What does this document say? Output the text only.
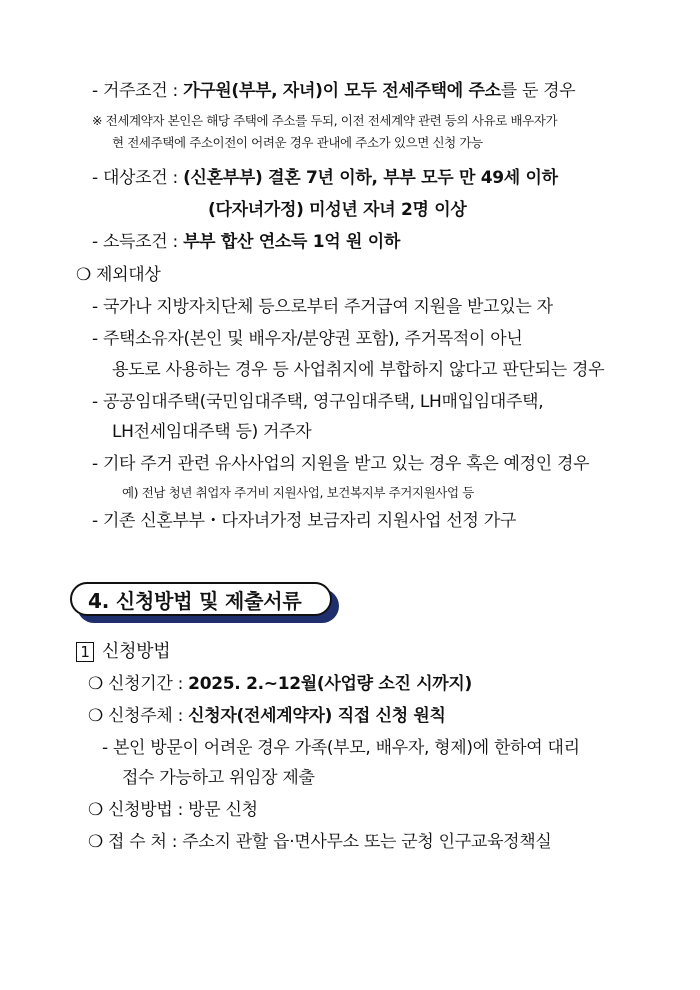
- 거주조건 : 가구원(부부, 자녀)이 모두 전세주택에 주소를 둔 경우
※ 전세계약자 본인은 해당 주택에 주소를 두되, 이전 전세계약 관련 등의 사유로 배우자가
현 전세주택에 주소이전이 어려운 경우 관내에 주소가 있으면 신청 가능
- 대상조건 : (신혼부부) 결혼 7년 이하, 부부 모두 만 49세 이하
(다자녀가정) 미성년 자녀 2명 이상
- 소득조건 : 부부 합산 연소득 1억 원 이하
❍ 제외대상
- 국가나 지방자치단체 등으로부터 주거급여 지원을 받고있는 자
- 주택소유자(본인 및 배우자/분양권 포함), 주거목적이 아닌
용도로 사용하는 경우 등 사업취지에 부합하지 않다고 판단되는 경우
- 공공임대주택(국민임대주택, 영구임대주택, LH매입임대주택,
LH전세임대주택 등) 거주자
- 기타 주거 관련 유사사업의 지원을 받고 있는 경우 혹은 예정인 경우
예) 전남 청년 취업자 주거비 지원사업, 보건복지부 주거지원사업 등
- 기존 신혼부부・다자녀가정 보금자리 지원사업 선정 가구
4. 신청방법 및 제출서류
1 신청방법
❍ 신청기간 : 2025. 2.~12월(사업량 소진 시까지)
❍ 신청주체 : 신청자(전세계약자) 직접 신청 원칙
- 본인 방문이 어려운 경우 가족(부모, 배우자, 형제)에 한하여 대리
접수 가능하고 위임장 제출
❍ 신청방법 : 방문 신청
❍ 접 수 처 : 주소지 관할 읍·면사무소 또는 군청 인구교육정책실
